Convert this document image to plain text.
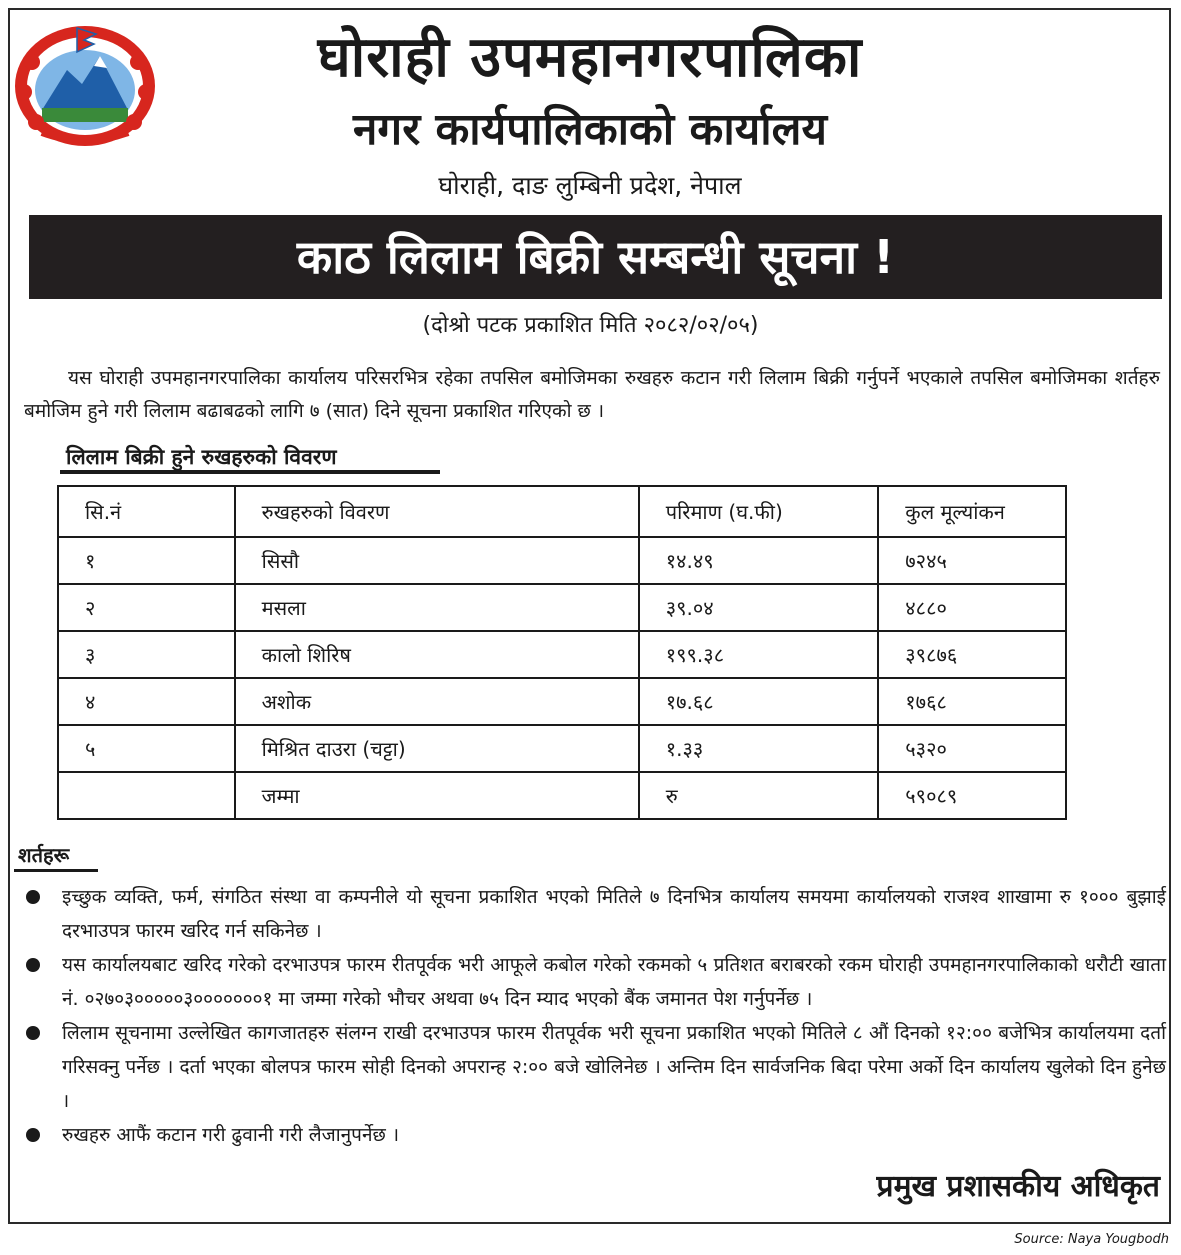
घोराही उपमहानगरपालिका
नगर कार्यपालिकाको कार्यालय
घोराही, दाङ लुम्बिनी प्रदेश, नेपाल
काठ लिलाम बिक्री सम्बन्धी सूचना !
(दोश्रो पटक प्रकाशित मिति २०८२/०२/०५)

यस घोराही उपमहानगरपालिका कार्यालय परिसरभित्र रहेका तपसिल बमोजिमका रुखहरु कटान गरी लिलाम बिक्री गर्नुपर्ने भएकाले तपसिल बमोजिमका शर्तहरु बमोजिम हुने गरी लिलाम बढाबढको लागि ७ (सात) दिने सूचना प्रकाशित गरिएको छ ।

लिलाम बिक्री हुने रुखहरुको विवरण
सि.नं	रुखहरुको विवरण	परिमाण (घ.फी)	कुल मूल्यांकन
१	सिसौ	१४.४९	७२४५
२	मसला	३९.०४	४८८०
३	कालो शिरिष	१९९.३८	३९८७६
४	अशोक	१७.६८	१७६८
५	मिश्रित दाउरा (चट्टा)	१.३३	५३२०
	जम्मा	रु	५९०८९
शर्तहरू
इच्छुक व्यक्ति, फर्म, संगठित संस्था वा कम्पनीले यो सूचना प्रकाशित भएको मितिले ७ दिनभित्र कार्यालय समयमा कार्यालयको राजश्व शाखामा रु १००० बुझाई दरभाउपत्र फारम खरिद गर्न सकिनेछ ।
यस कार्यालयबाट खरिद गरेको दरभाउपत्र फारम रीतपूर्वक भरी आफूले कबोल गरेको रकमको ५ प्रतिशत बराबरको रकम घोराही उपमहानगरपालिकाको धरौटी खाता नं. ०२७०३०००००३०००००००१ मा जम्मा गरेको भौचर अथवा ७५ दिन म्याद भएको बैंक जमानत पेश गर्नुपर्नेछ ।
लिलाम सूचनामा उल्लेखित कागजातहरु संलग्न राखी दरभाउपत्र फारम रीतपूर्वक भरी सूचना प्रकाशित भएको मितिले ८ औं दिनको १२:०० बजेभित्र कार्यालयमा दर्ता गरिसक्नु पर्नेछ । दर्ता भएका बोलपत्र फारम सोही दिनको अपरान्ह २:०० बजे खोलिनेछ । अन्तिम दिन सार्वजनिक बिदा परेमा अर्को दिन कार्यालय खुलेको दिन हुनेछ ।
रुखहरु आफैं कटान गरी ढुवानी गरी लैजानुपर्नेछ ।
प्रमुख प्रशासकीय अधिकृत
Source: Naya Yougbodh
